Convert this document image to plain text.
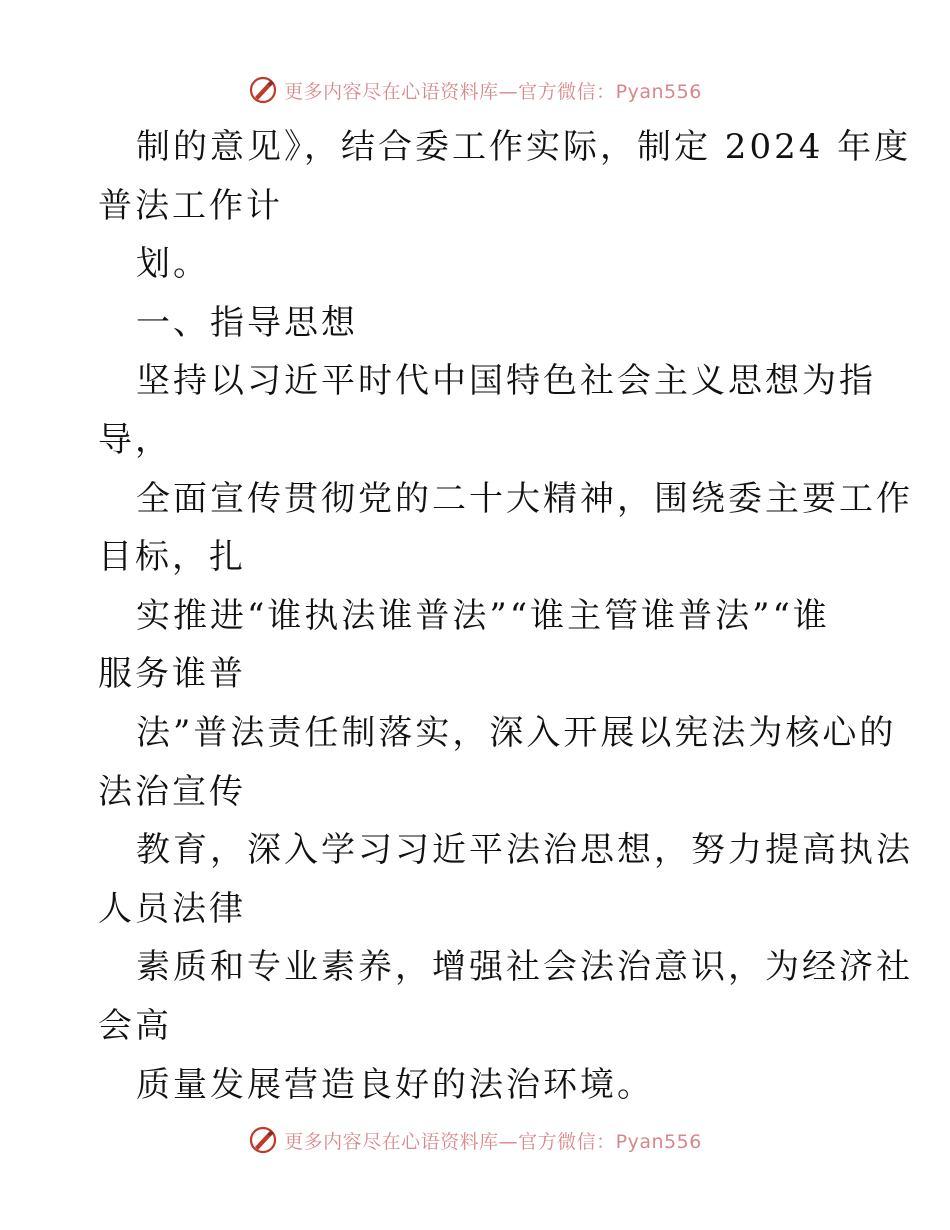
更多内容尽在心语资料库—官方微信：Pyan556
制的意见》，结合委工作实际，制定 2024 年度
普法工作计
划。
一、指导思想
坚持以习近平时代中国特色社会主义思想为指
导，
全面宣传贯彻党的二十大精神，围绕委主要工作
目标，扎
实推进“谁执法谁普法”“谁主管谁普法”“谁
服务谁普
法”普法责任制落实，深入开展以宪法为核心的
法治宣传
教育，深入学习习近平法治思想，努力提高执法
人员法律
素质和专业素养，增强社会法治意识，为经济社
会高
质量发展营造良好的法治环境。
更多内容尽在心语资料库—官方微信：Pyan556
